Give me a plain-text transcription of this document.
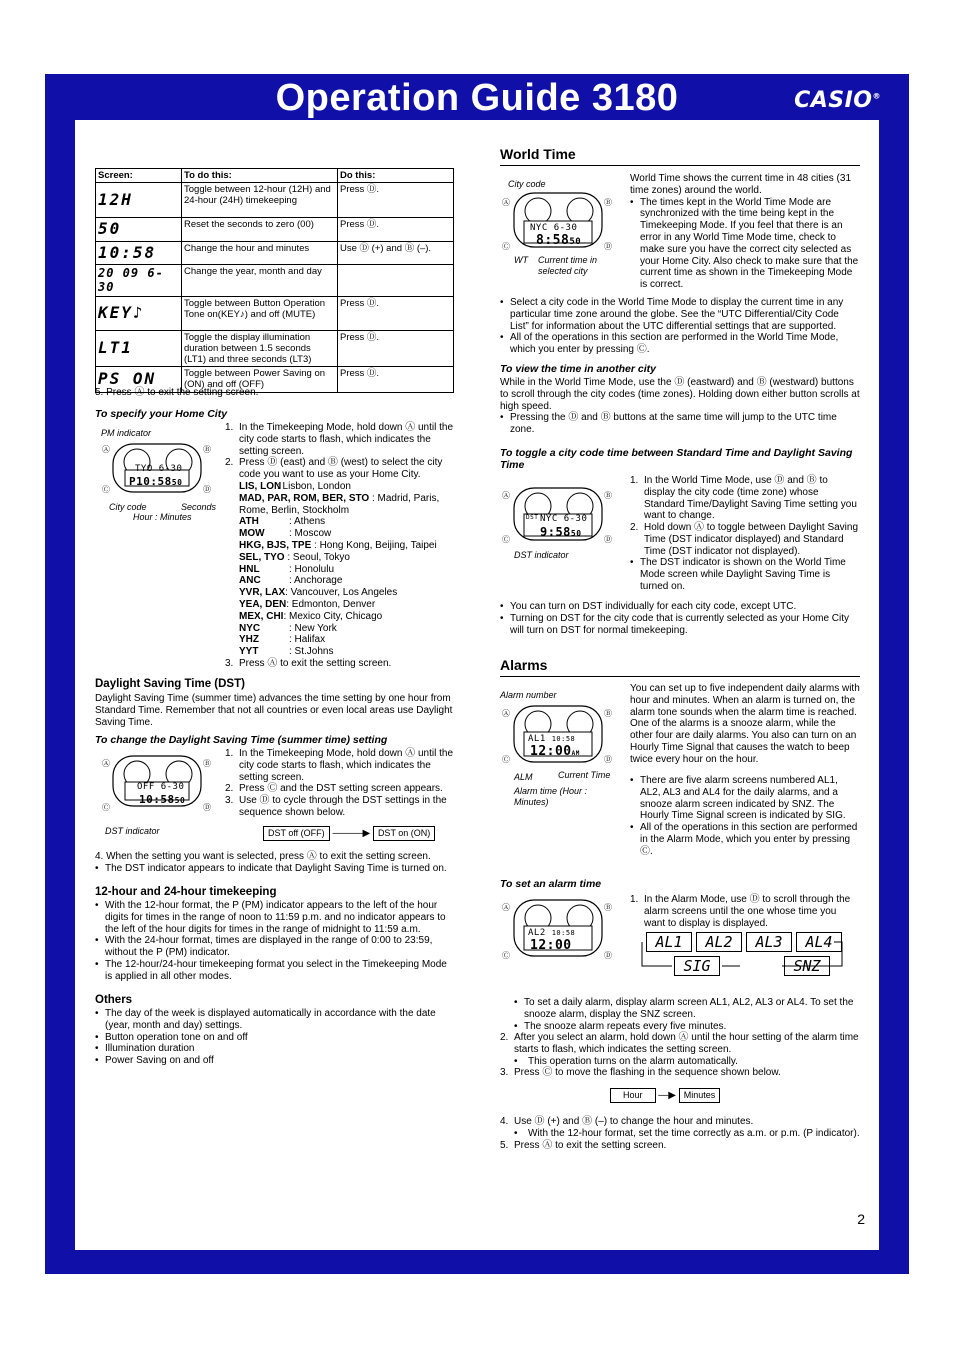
Operation Guide 3180	CASIO®
Screen:	To do this:	Do this:
12H	Toggle between 12-hour (12H) and 24-hour (24H) timekeeping	Press Ⓓ.
50	Reset the seconds to zero (00)	Press Ⓓ.
10:58	Change the hour and minutes	Use Ⓓ (+) and Ⓑ (–).
20 09 6-30	Change the year, month and day	
KEY♪	Toggle between Button Operation Tone on(KEY♪) and off (MUTE)	Press Ⓓ.
LT1	Toggle the display illumination duration between 1.5 seconds (LT1) and three seconds (LT3)	Press Ⓓ.
PS ON	Toggle between Power Saving on (ON) and off (OFF)	Press Ⓓ.
5. Press Ⓐ to exit the setting screen.
To specify your Home City
PM indicator
Ⓐ	Ⓑ
Ⓒ	Ⓓ
TYO 6-30
P10:5850
City code	Seconds
Hour : Minutes
1. In the Timekeeping Mode, hold down Ⓐ until the city code starts to flash, which indicates the setting screen.
2. Press Ⓓ (east) and Ⓑ (west) to select the city code you want to use as your Home City.
LIS, LON
: Lisbon, London
MAD, PAR, ROM, BER, STO : Madrid, Paris, Rome, Berlin, Stockholm
ATH	: Athens
MOW	: Moscow
HKG, BJS, TPE : Hong Kong, Beijing, Taipei
SEL, TYO : Seoul, Tokyo
HNL	: Honolulu
ANC	: Anchorage
YVR, LAX: Vancouver, Los Angeles
YEA, DEN: Edmonton, Denver
MEX, CHI: Mexico City, Chicago
NYC	: New York
YHZ	: Halifax
YYT	: St.Johns
3. Press Ⓐ to exit the setting screen.
Daylight Saving Time (DST)
Daylight Saving Time (summer time) advances the time setting by one hour from Standard Time. Remember that not all countries or even local areas use Daylight Saving Time.
To change the Daylight Saving Time (summer time) setting
Ⓐ	Ⓑ
Ⓒ	Ⓓ
OFF 6-30
10:5850
DST indicator
1. In the Timekeeping Mode, hold down Ⓐ until the city code starts to flash, which indicates the setting screen.
2. Press Ⓒ and the DST setting screen appears.
3. Use Ⓓ to cycle through the DST settings in the sequence shown below.
DST off (OFF) ———▶ DST on (ON)
4. When the setting you want is selected, press Ⓐ to exit the setting screen.
• The DST indicator appears to indicate that Daylight Saving Time is turned on.
12-hour and 24-hour timekeeping
• With the 12-hour format, the P (PM) indicator appears to the left of the hour digits for times in the range of noon to 11:59 p.m. and no indicator appears to the left of the hour digits for times in the range of midnight to 11:59 a.m.
• With the 24-hour format, times are displayed in the range of 0:00 to 23:59, without the P (PM) indicator.
• The 12-hour/24-hour timekeeping format you select in the Timekeeping Mode is applied in all other modes.
Others
• The day of the week is displayed automatically in accordance with the date (year, month and day) settings.
• Button operation tone on and off
• Illumination duration
• Power Saving on and off
World Time
City code
Ⓐ	Ⓑ
Ⓒ	Ⓓ
NYC 6-30
8:5850
WT Current time in selected city
World Time shows the current time in 48 cities (31 time zones) around the world.
• The times kept in the World Time Mode are synchronized with the time being kept in the Timekeeping Mode. If you feel that there is an error in any World Time Mode time, check to make sure you have the correct city selected as your Home City. Also check to make sure that the current time as shown in the Timekeeping Mode is correct.
• Select a city code in the World Time Mode to display the current time in any particular time zone around the globe. See the “UTC Differential/City Code List” for information about the UTC differential settings that are supported.
• All of the operations in this section are performed in the World Time Mode, which you enter by pressing Ⓒ.
To view the time in another city
While in the World Time Mode, use the Ⓓ (eastward) and Ⓑ (westward) buttons to scroll through the city codes (time zones). Holding down either button scrolls at high speed.
• Pressing the Ⓓ and Ⓑ buttons at the same time will jump to the UTC time zone.
To toggle a city code time between Standard Time and Daylight Saving Time
Ⓐ	Ⓑ
Ⓒ	Ⓓ
DST NYC 6-30
9:5850
DST indicator
1. In the World Time Mode, use Ⓓ and Ⓑ to display the city code (time zone) whose Standard Time/Daylight Saving Time setting you want to change.
2. Hold down Ⓐ to toggle between Daylight Saving Time (DST indicator displayed) and Standard Time (DST indicator not displayed).
• The DST indicator is shown on the World Time Mode screen while Daylight Saving Time is turned on.
• You can turn on DST individually for each city code, except UTC.
• Turning on DST for the city code that is currently selected as your Home City will turn on DST for normal timekeeping.
Alarms
Alarm number
Ⓐ	Ⓑ
Ⓒ	Ⓓ
AL1 10:58
12:00AM
ALM	Current Time
Alarm time (Hour : Minutes)
You can set up to five independent daily alarms with hour and minutes. When an alarm is turned on, the alarm tone sounds when the alarm time is reached. One of the alarms is a snooze alarm, while the other four are daily alarms. You also can turn on an Hourly Time Signal that causes the watch to beep twice every hour on the hour.
• There are five alarm screens numbered AL1, AL2, AL3 and AL4 for the daily alarms, and a snooze alarm screen indicated by SNZ. The Hourly Time Signal screen is indicated by SIG.
• All of the operations in this section are performed in the Alarm Mode, which you enter by pressing Ⓒ.
To set an alarm time
Ⓐ	Ⓑ
Ⓒ	Ⓓ
AL2 10:58
12:00
1. In the Alarm Mode, use Ⓓ to scroll through the alarm screens until the one whose time you want to display is displayed.
AL1	AL2	AL3	AL4
SIG	SNZ
• To set a daily alarm, display alarm screen AL1, AL2, AL3 or AL4. To set the snooze alarm, display the SNZ screen.
• The snooze alarm repeats every five minutes.
2. After you select an alarm, hold down Ⓐ until the hour setting of the alarm time starts to flash, which indicates the setting screen.
• This operation turns on the alarm automatically.
3. Press Ⓒ to move the flashing in the sequence shown below.
Hour —▶ Minutes
4. Use Ⓓ (+) and Ⓑ (–) to change the hour and minutes.
• With the 12-hour format, set the time correctly as a.m. or p.m. (P indicator).
5. Press Ⓐ to exit the setting screen.
2
